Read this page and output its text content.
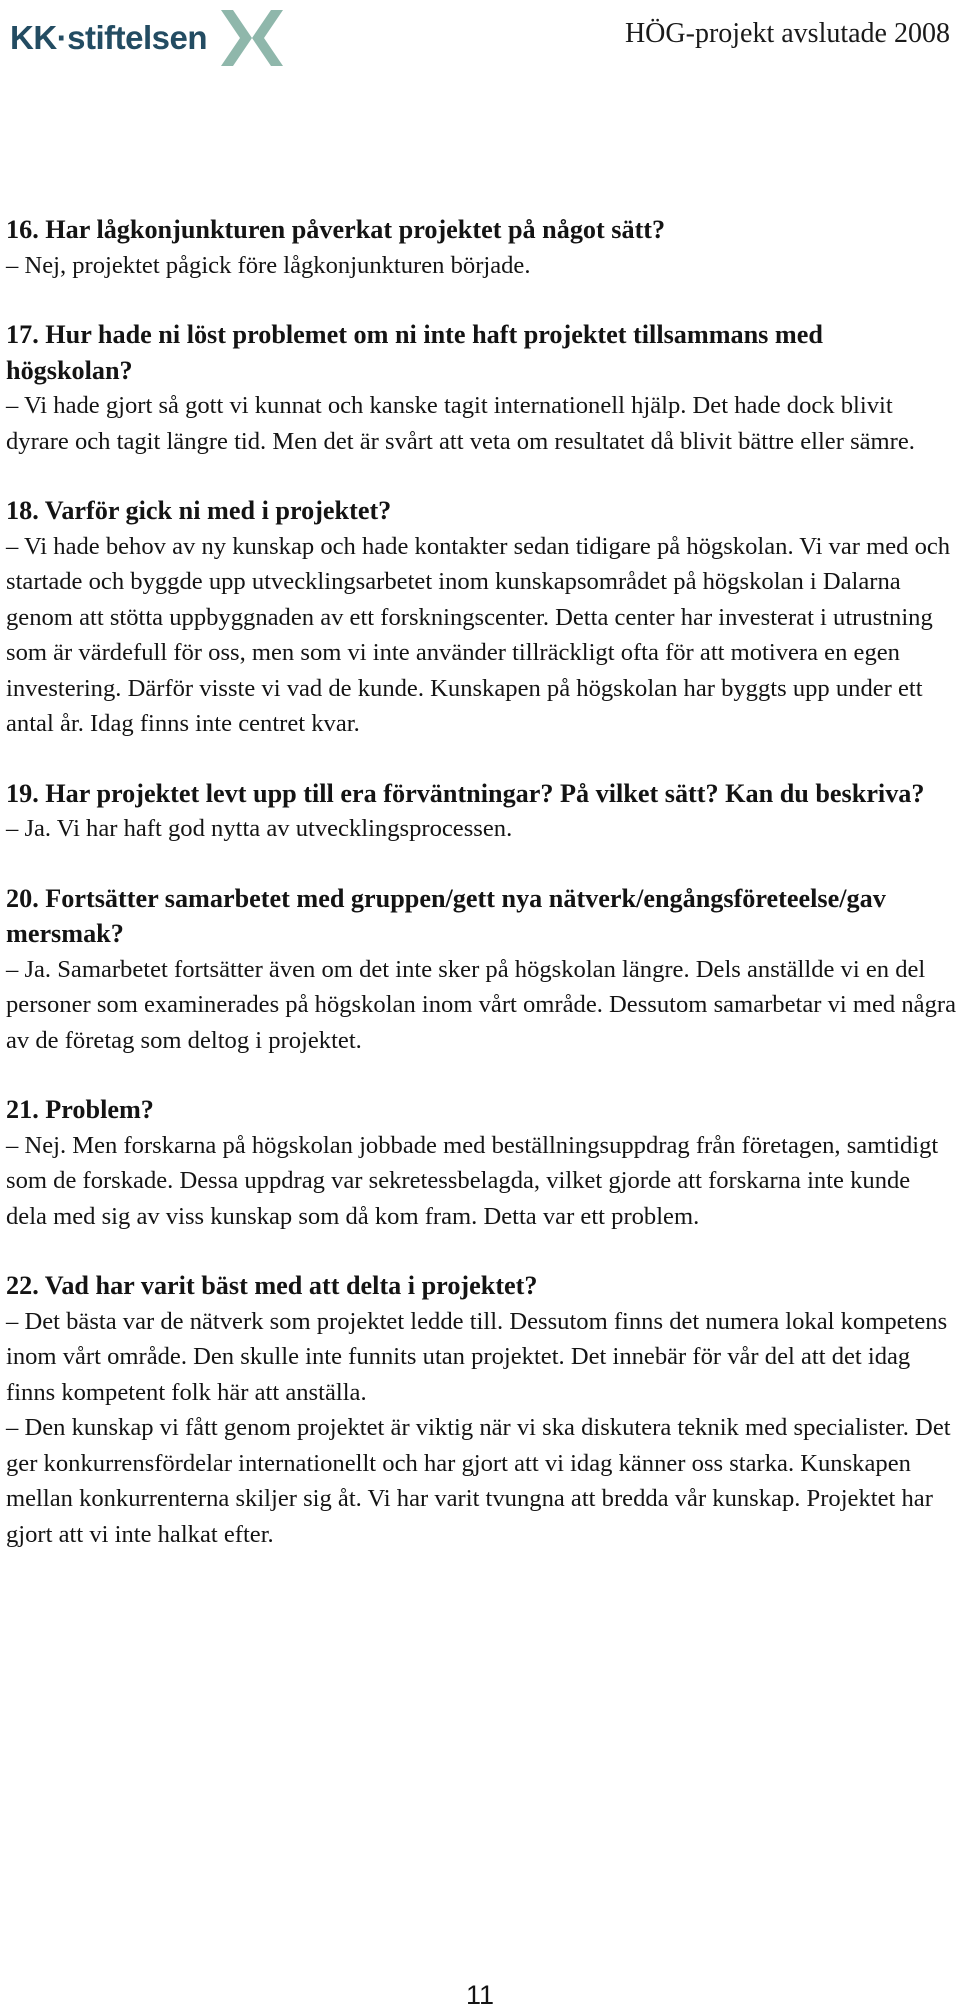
KK·stiftelsen	HÖG-projekt avslutade 2008

16. Har lågkonjunkturen påverkat projektet på något sätt?

– Nej, projektet pågick före lågkonjunkturen började.

17. Hur hade ni löst problemet om ni inte haft projektet tillsammans med högskolan?

– Vi hade gjort så gott vi kunnat och kanske tagit internationell hjälp. Det hade dock blivit dyrare och tagit längre tid. Men det är svårt att veta om resultatet då blivit bättre eller sämre.

18. Varför gick ni med i projektet?

– Vi hade behov av ny kunskap och hade kontakter sedan tidigare på högskolan. Vi var med och startade och byggde upp utvecklingsarbetet inom kunskapsområdet på högskolan i Dalarna genom att stötta uppbyggnaden av ett forskningscenter. Detta center har investerat i utrustning som är värdefull för oss, men som vi inte använder tillräckligt ofta för att motivera en egen investering. Därför visste vi vad de kunde. Kunskapen på högskolan har byggts upp under ett antal år. Idag finns inte centret kvar.

19. Har projektet levt upp till era förväntningar? På vilket sätt? Kan du beskriva?

– Ja. Vi har haft god nytta av utvecklingsprocessen.

20. Fortsätter samarbetet med gruppen/gett nya nätverk/engångsföreteelse/gav mersmak?

– Ja. Samarbetet fortsätter även om det inte sker på högskolan längre. Dels anställde vi en del personer som examinerades på högskolan inom vårt område. Dessutom samarbetar vi med några av de företag som deltog i projektet.

21. Problem?

– Nej. Men forskarna på högskolan jobbade med beställningsuppdrag från företagen, samtidigt som de forskade. Dessa uppdrag var sekretessbelagda, vilket gjorde att forskarna inte kunde dela med sig av viss kunskap som då kom fram. Detta var ett problem.

22. Vad har varit bäst med att delta i projektet?

– Det bästa var de nätverk som projektet ledde till. Dessutom finns det numera lokal kompetens inom vårt område. Den skulle inte funnits utan projektet. Det innebär för vår del att det idag finns kompetent folk här att anställa.

– Den kunskap vi fått genom projektet är viktig när vi ska diskutera teknik med specialister. Det ger konkurrensfördelar internationellt och har gjort att vi idag känner oss starka. Kunskapen mellan konkurrenterna skiljer sig åt. Vi har varit tvungna att bredda vår kunskap. Projektet har gjort att vi inte halkat efter.

11
